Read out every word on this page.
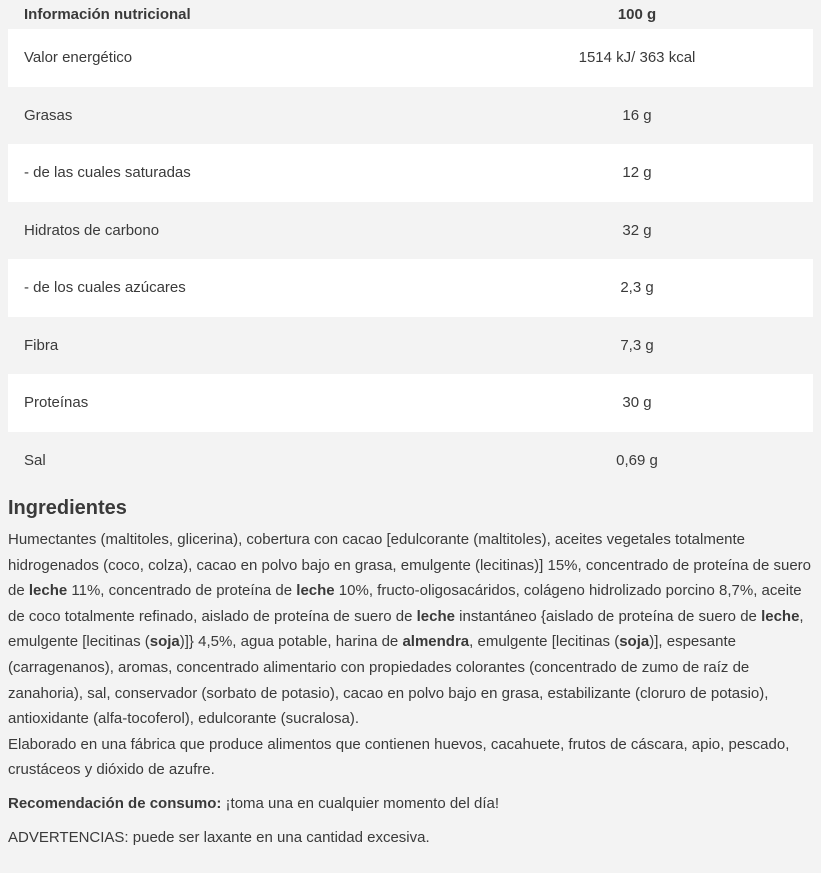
Información nutricional	100 g
Valor energético	1514 kJ/ 363 kcal
Grasas	16 g
- de las cuales saturadas	12 g
Hidratos de carbono	32 g
- de los cuales azúcares	2,3 g
Fibra	7,3 g
Proteínas	30 g
Sal	0,69 g
Ingredientes

Humectantes (maltitoles, glicerina), cobertura con cacao [edulcorante (maltitoles), aceites vegetales totalmente hidrogenados (coco, colza), cacao en polvo bajo en grasa, emulgente (lecitinas)] 15%, concentrado de proteína de suero de leche 11%, concentrado de proteína de leche 10%, fructo-oligosacáridos, colágeno hidrolizado porcino 8,7%, aceite de coco totalmente refinado, aislado de proteína de suero de leche instantáneo {aislado de proteína de suero de leche, emulgente [lecitinas (soja)]} 4,5%, agua potable, harina de almendra, emulgente [lecitinas (soja)], espesante (carragenanos), aromas, concentrado alimentario con propiedades colorantes (concentrado de zumo de raíz de zanahoria), sal, conservador (sorbato de potasio), cacao en polvo bajo en grasa, estabilizante (cloruro de potasio), antioxidante (alfa-tocoferol), edulcorante (sucralosa).
Elaborado en una fábrica que produce alimentos que contienen huevos, cacahuete, frutos de cáscara, apio, pescado, crustáceos y dióxido de azufre.

Recomendación de consumo: ¡toma una en cualquier momento del día!

ADVERTENCIAS: puede ser laxante en una cantidad excesiva.
